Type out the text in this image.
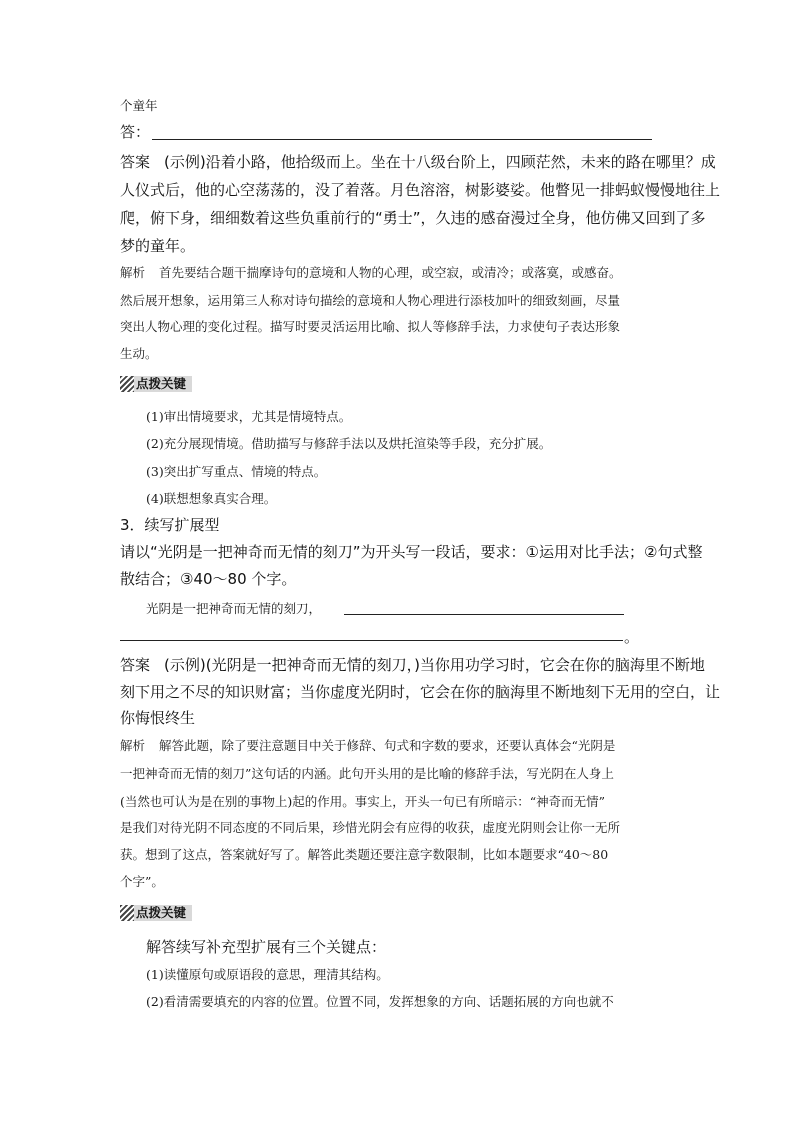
个童年
答：
答案 (示例)沿着小路，他拾级而上。坐在十八级台阶上，四顾茫然，未来的路在哪里？成
人仪式后，他的心空荡荡的，没了着落。月色溶溶，树影婆娑。他瞥见一排蚂蚁慢慢地往上
爬，俯下身，细细数着这些负重前行的“勇士”，久违的感奋漫过全身，他仿佛又回到了多
梦的童年。
解析 首先要结合题干揣摩诗句的意境和人物的心理，或空寂，或清冷；或落寞，或感奋。
然后展开想象，运用第三人称对诗句描绘的意境和人物心理进行添枝加叶的细致刻画，尽量
突出人物心理的变化过程。描写时要灵活运用比喻、拟人等修辞手法，力求使句子表达形象
生动。
点拨关键
(1)审出情境要求，尤其是情境特点。
(2)充分展现情境。借助描写与修辞手法以及烘托渲染等手段，充分扩展。
(3)突出扩写重点、情境的特点。
(4)联想想象真实合理。
3．续写扩展型
请以“光阴是一把神奇而无情的刻刀”为开头写一段话，要求：①运用对比手法；②句式整
散结合；③40～80 个字。
光阴是一把神奇而无情的刻刀，
。
答案 (示例)(光阴是一把神奇而无情的刻刀，)当你用功学习时，它会在你的脑海里不断地
刻下用之不尽的知识财富；当你虚度光阴时，它会在你的脑海里不断地刻下无用的空白，让
你悔恨终生
解析 解答此题，除了要注意题目中关于修辞、句式和字数的要求，还要认真体会“光阴是
一把神奇而无情的刻刀”这句话的内涵。此句开头用的是比喻的修辞手法，写光阴在人身上
(当然也可认为是在别的事物上)起的作用。事实上，开头一句已有所暗示：“神奇而无情”
是我们对待光阴不同态度的不同后果，珍惜光阴会有应得的收获，虚度光阴则会让你一无所
获。想到了这点，答案就好写了。解答此类题还要注意字数限制，比如本题要求“40～80
个字”。
点拨关键
解答续写补充型扩展有三个关键点：
(1)读懂原句或原语段的意思，理清其结构。
(2)看清需要填充的内容的位置。位置不同，发挥想象的方向、话题拓展的方向也就不
